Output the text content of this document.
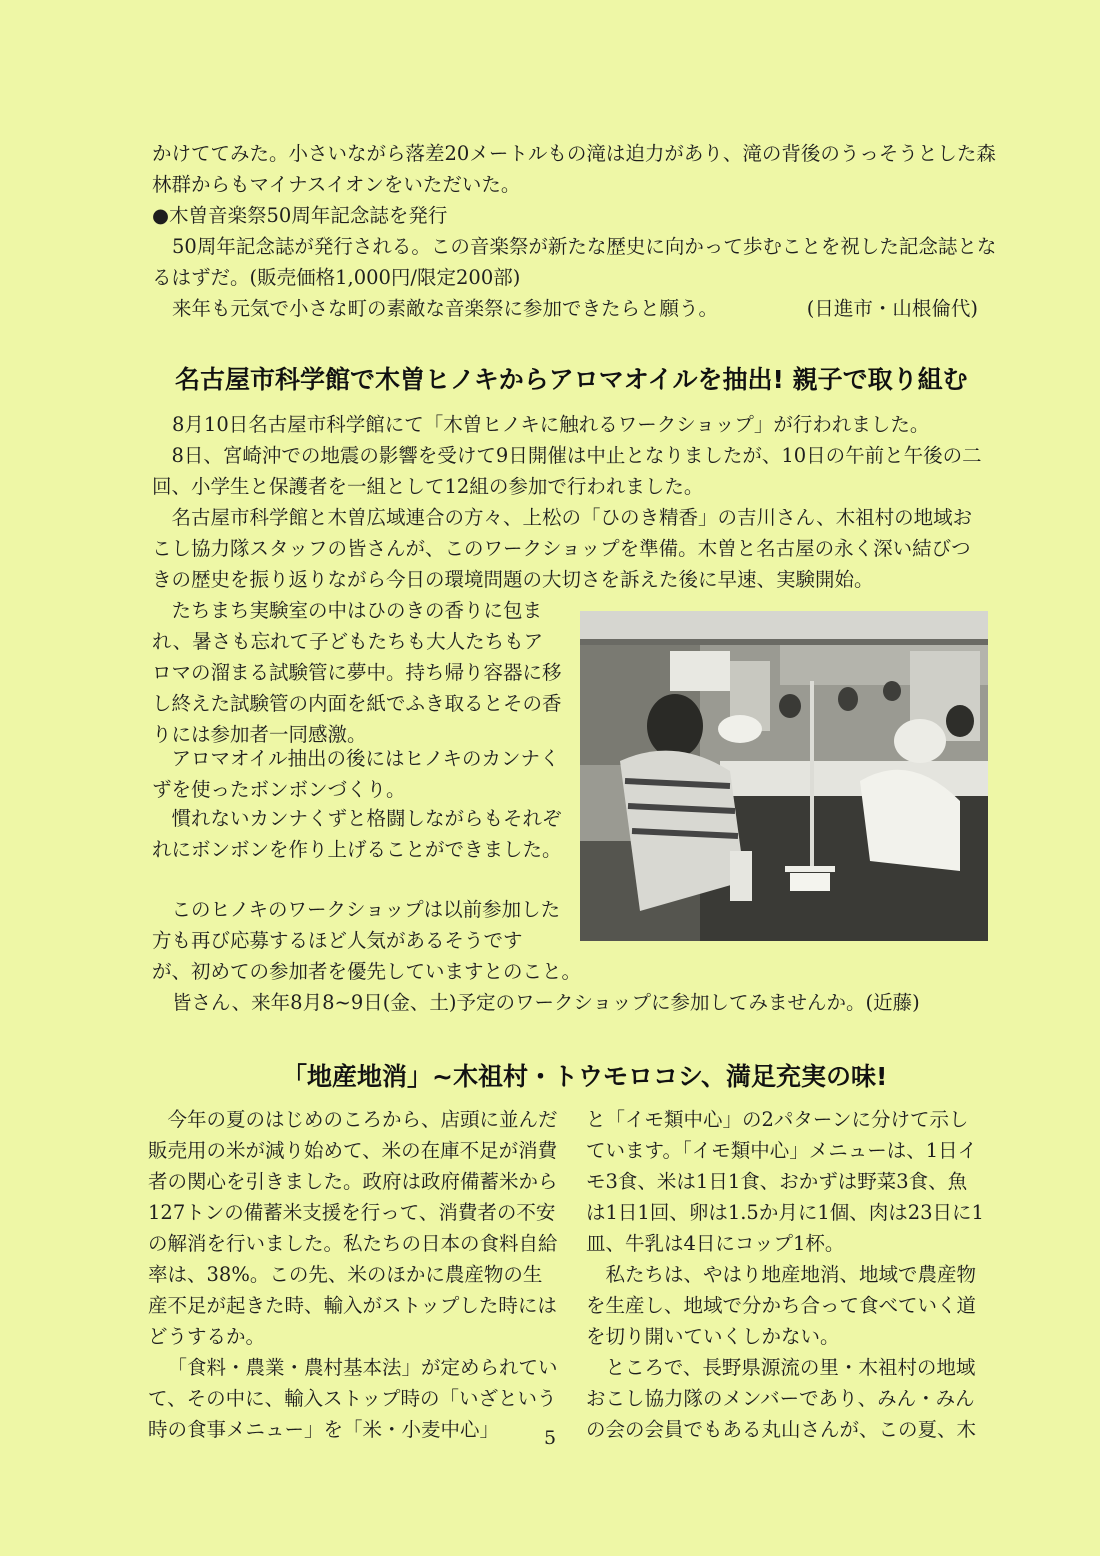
かけててみた。小さいながら落差20メートルもの滝は迫力があり、滝の背後のうっそうとした森

林群からもマイナスイオンをいただいた。

●木曽音楽祭50周年記念誌を発行

50周年記念誌が発行される。この音楽祭が新たな歴史に向かって歩むことを祝した記念誌とな

るはずだ。(販売価格1,000円/限定200部)

来年も元気で小さな町の素敵な音楽祭に参加できたらと願う。	(日進市・山根倫代)

名古屋市科学館で木曽ヒノキからアロマオイルを抽出! 親子で取り組む

8月10日名古屋市科学館にて「木曽ヒノキに触れるワークショップ」が行われました。

8日、宮崎沖での地震の影響を受けて9日開催は中止となりましたが、10日の午前と午後の二回、小学生と保護者を一組として12組の参加で行われました。

名古屋市科学館と木曽広域連合の方々、上松の「ひのき精香」の吉川さん、木祖村の地域おこし協力隊スタッフの皆さんが、このワークショップを準備。木曽と名古屋の永く深い結びつきの歴史を振り返りながら今日の環境問題の大切さを訴えた後に早速、実験開始。

たちまち実験室の中はひのきの香りに包まれ、暑さも忘れて子どもたちも大人たちもアロマの溜まる試験管に夢中。持ち帰り容器に移し終えた試験管の内面を紙でふき取るとその香りには参加者一同感激。

アロマオイル抽出の後にはヒノキのカンナくずを使ったボンボンづくり。

慣れないカンナくずと格闘しながらもそれぞれにボンボンを作り上げることができました。

このヒノキのワークショップは以前参加した方も再び応募するほど人気があるそうです

が、初めての参加者を優先していますとのこと。

皆さん、来年8月8~9日(金、土)予定のワークショップに参加してみませんか。(近藤)

「地産地消」~木祖村・トウモロコシ、満足充実の味!

今年の夏のはじめのころから、店頭に並んだ販売用の米が減り始めて、米の在庫不足が消費者の関心を引きました。政府は政府備蓄米から127トンの備蓄米支援を行って、消費者の不安の解消を行いました。私たちの日本の食料自給率は、38%。この先、米のほかに農産物の生産不足が起きた時、輸入がストップした時にはどうするか。

「食料・農業・農村基本法」が定められていて、その中に、輸入ストップ時の「いざという時の食事メニュー」を「米・小麦中心」

と「イモ類中心」の2パターンに分けて示しています。「イモ類中心」メニューは、1日イモ3食、米は1日1食、おかずは野菜3食、魚は1日1回、卵は1.5か月に1個、肉は23日に1皿、牛乳は4日にコップ1杯。

私たちは、やはり地産地消、地域で農産物を生産し、地域で分かち合って食べていく道を切り開いていくしかない。

ところで、長野県源流の里・木祖村の地域おこし協力隊のメンバーであり、みん・みんの会の会員でもある丸山さんが、この夏、木

5
